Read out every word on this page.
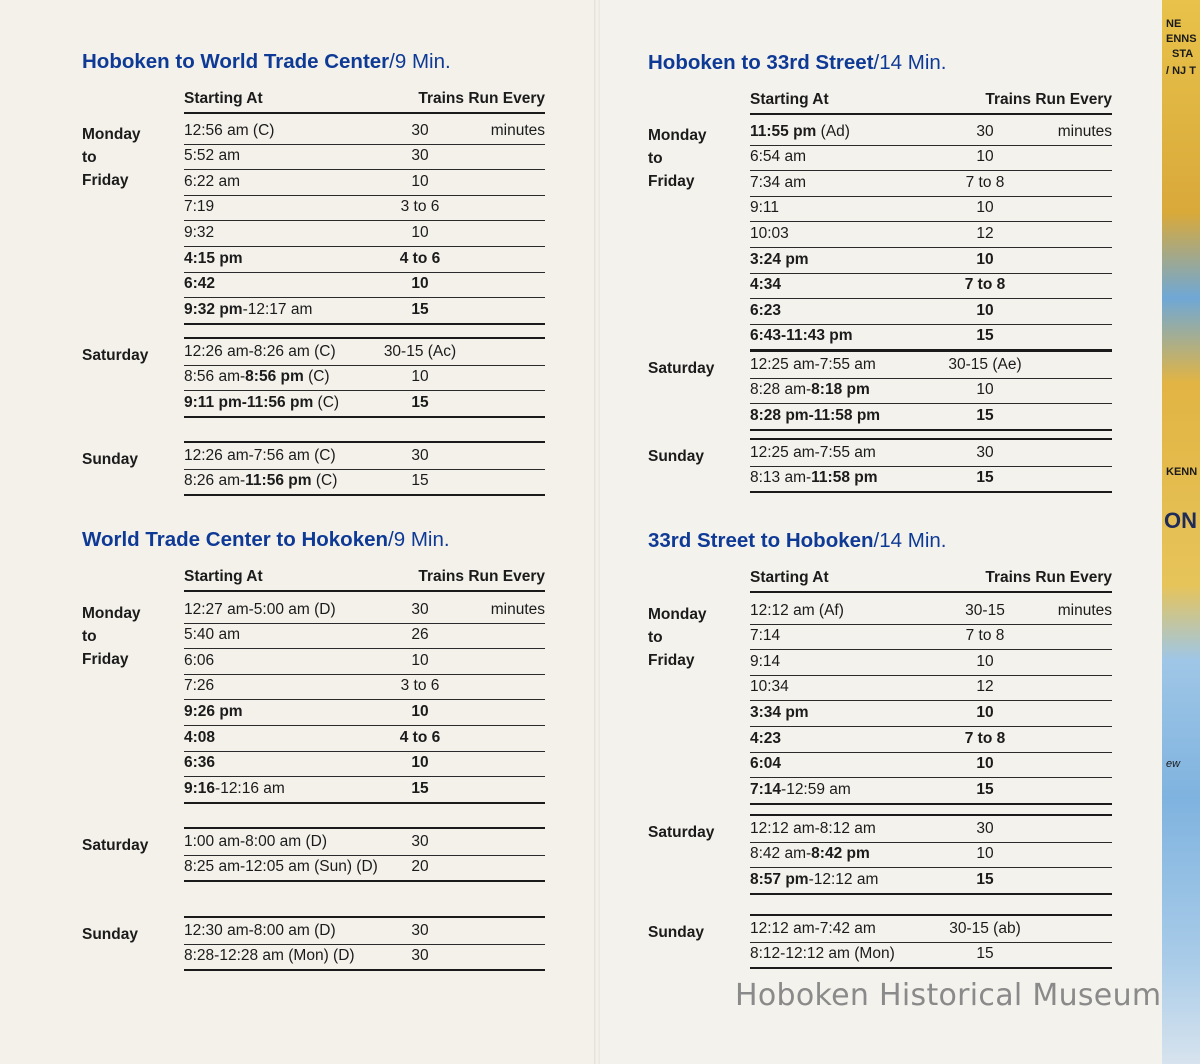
NE
ENNS
STA
/ NJ T
KENN
ON
ew
Hoboken to World Trade Center/9 Min.
Starting At	Trains Run Every
Monday
to
Friday
12:56 am (C)	30	minutes
5:52 am	30
6:22 am	10
7:19	3 to 6
9:32	10
4:15 pm	4 to 6
6:42	10
9:32 pm-12:17 am	15
Saturday 12:26 am-8:26 am (C)	30-15 (Ac)
8:56 am-8:56 pm (C)	10
9:11 pm-11:56 pm (C)	15
Sunday	12:26 am-7:56 am (C)	30
8:26 am-11:56 pm (C)	15
World Trade Center to Hokoken/9 Min.
Starting At	Trains Run Every
Monday
to
Friday
12:27 am-5:00 am (D)	30	minutes
5:40 am	26
6:06	10
7:26	3 to 6
9:26 pm	10
4:08	4 to 6
6:36	10
9:16-12:16 am	15
Saturday 1:00 am-8:00 am (D)	30
8:25 am-12:05 am (Sun) (D)	20
Sunday	12:30 am-8:00 am (D)	30
8:28-12:28 am (Mon) (D)	30
Hoboken to 33rd Street/14 Min.
Starting At	Trains Run Every
Monday
to
Friday
11:55 pm (Ad)	30	minutes
6:54 am	10
7:34 am	7 to 8
9:11	10
10:03	12
3:24 pm	10
4:34	7 to 8
6:23	10
6:43-11:43 pm	15
Saturday 12:25 am-7:55 am	30-15 (Ae)
8:28 am-8:18 pm	10
8:28 pm-11:58 pm	15
Sunday	12:25 am-7:55 am	30
8:13 am-11:58 pm	15
33rd Street to Hoboken/14 Min.
Starting At	Trains Run Every
Monday
to
Friday
12:12 am (Af)	30-15	minutes
7:14	7 to 8
9:14	10
10:34	12
3:34 pm	10
4:23	7 to 8
6:04	10
7:14-12:59 am	15
Saturday 12:12 am-8:12 am	30
8:42 am-8:42 pm	10
8:57 pm-12:12 am	15
Sunday	12:12 am-7:42 am	30-15 (ab)
8:12-12:12 am (Mon)	15
Hoboken Historical Museum
